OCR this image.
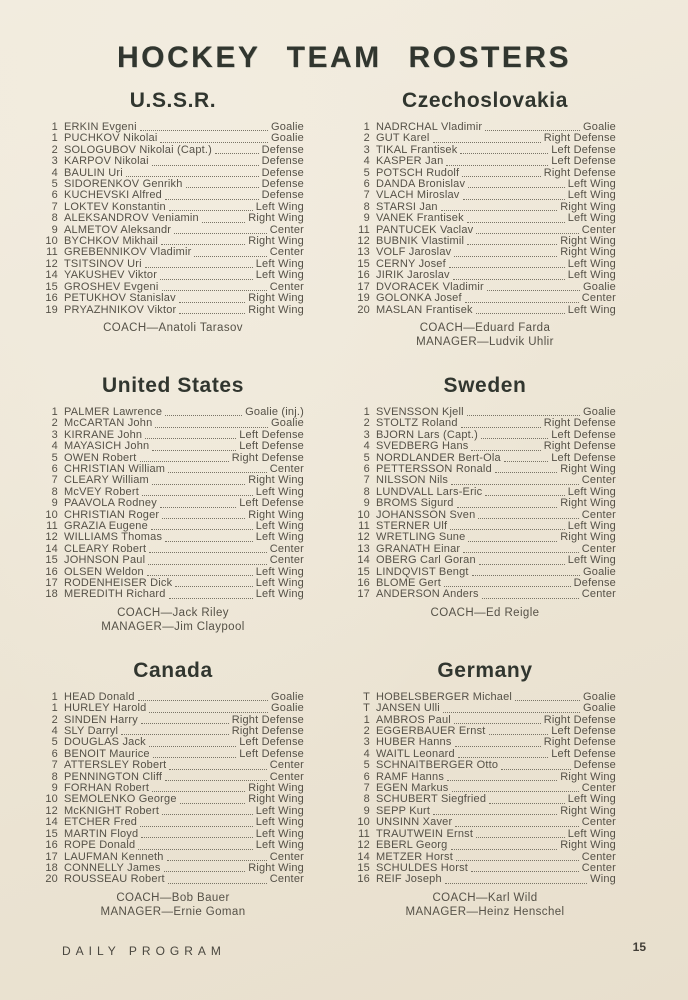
HOCKEY TEAM ROSTERS
U.S.S.R.
1 ERKIN Evgeni	Goalie
1 PUCHKOV Nikolai	Goalie
2 SOLOGUBOV Nikolai (Capt.)	Defense
3 KARPOV Nikolai	Defense
4 BAULIN Uri	Defense
5 SIDORENKOV Genrikh	Defense
6 KUCHEVSKI Alfred	Defense
7 LOKTEV Konstantin	Left Wing
8 ALEKSANDROV Veniamin	Right Wing
9 ALMETOV Aleksandr	Center
10 BYCHKOV Mikhail	Right Wing
11 GREBENNIKOV Vladimir	Center
12 TSITSINOV Uri	Left Wing
14 YAKUSHEV Viktor	Left Wing
15 GROSHEV Evgeni	Center
16 PETUKHOV Stanislav	Right Wing
19 PRYAZHNIKOV Viktor	Right Wing
COACH—Anatoli Tarasov
Czechoslovakia
1 NADRCHAL Vladimir	Goalie
2 GUT Karel	Right Defense
3 TIKAL Frantisek	Left Defense
4 KASPER Jan	Left Defense
5 POTSCH Rudolf	Right Defense
6 DANDA Bronislav	Left Wing
7 VLACH Miroslav	Left Wing
8 STARSI Jan	Right Wing
9 VANEK Frantisek	Left Wing
11 PANTUCEK Vaclav	Center
12 BUBNIK Vlastimil	Right Wing
13 VOLF Jaroslav	Right Wing
15 CERNY Josef	Left Wing
16 JIRIK Jaroslav	Left Wing
17 DVORACEK Vladimir	Goalie
19 GOLONKA Josef	Center
20 MASLAN Frantisek	Left Wing
COACH—Eduard Farda
MANAGER—Ludvik Uhlir
United States
1 PALMER Lawrence	Goalie (inj.)
2 McCARTAN John	Goalie
3 KIRRANE John	Left Defense
4 MAYASICH John	Left Defense
5 OWEN Robert	Right Defense
6 CHRISTIAN William	Center
7 CLEARY William	Right Wing
8 McVEY Robert	Left Wing
9 PAAVOLA Rodney	Left Defense
10 CHRISTIAN Roger	Right Wing
11 GRAZIA Eugene	Left Wing
12 WILLIAMS Thomas	Left Wing
14 CLEARY Robert	Center
15 JOHNSON Paul	Center
16 OLSEN Weldon	Left Wing
17 RODENHEISER Dick	Left Wing
18 MEREDITH Richard	Left Wing
COACH—Jack Riley
MANAGER—Jim Claypool
Sweden
1 SVENSSON Kjell	Goalie
2 STOLTZ Roland	Right Defense
3 BJORN Lars (Capt.)	Left Defense
4 SVEDBERG Hans	Right Defense
5 NORDLANDER Bert-Ola	Left Defense
6 PETTERSSON Ronald	Right Wing
7 NILSSON Nils	Center
8 LUNDVALL Lars-Eric	Left Wing
9 BROMS Sigurd	Right Wing
10 JOHANSSON Sven	Center
11 STERNER Ulf	Left Wing
12 WRETLING Sune	Right Wing
13 GRANATH Einar	Center
14 OBERG Carl Goran	Left Wing
15 LINDQVIST Bengt	Goalie
16 BLOME Gert	Defense
17 ANDERSON Anders	Center
COACH—Ed Reigle
Canada
1 HEAD Donald	Goalie
1 HURLEY Harold	Goalie
2 SINDEN Harry	Right Defense
4 SLY Darryl	Right Defense
5 DOUGLAS Jack	Left Defense
6 BENOIT Maurice	Left Defense
7 ATTERSLEY Robert	Center
8 PENNINGTON Cliff	Center
9 FORHAN Robert	Right Wing
10 SEMOLENKO George	Right Wing
12 McKNIGHT Robert	Left Wing
14 ETCHER Fred	Left Wing
15 MARTIN Floyd	Left Wing
16 ROPE Donald	Left Wing
17 LAUFMAN Kenneth	Center
18 CONNELLY James	Right Wing
20 ROUSSEAU Robert	Center
COACH—Bob Bauer
MANAGER—Ernie Goman
Germany
T HOBELSBERGER Michael	Goalie
T JANSEN Ulli	Goalie
1 AMBROS Paul	Right Defense
2 EGGERBAUER Ernst	Left Defense
3 HUBER Hanns	Right Defense
4 WAITL Leonard	Left Defense
5 SCHNAITBERGER Otto	Defense
6 RAMF Hanns	Right Wing
7 EGEN Markus	Center
8 SCHUBERT Siegfried	Left Wing
9 SEPP Kurt	Right Wing
10 UNSINN Xaver	Center
11 TRAUTWEIN Ernst	Left Wing
12 EBERL Georg	Right Wing
14 METZER Horst	Center
15 SCHULDES Horst	Center
16 REIF Joseph	Wing
COACH—Karl Wild
MANAGER—Heinz Henschel
DAILY PROGRAM	15
